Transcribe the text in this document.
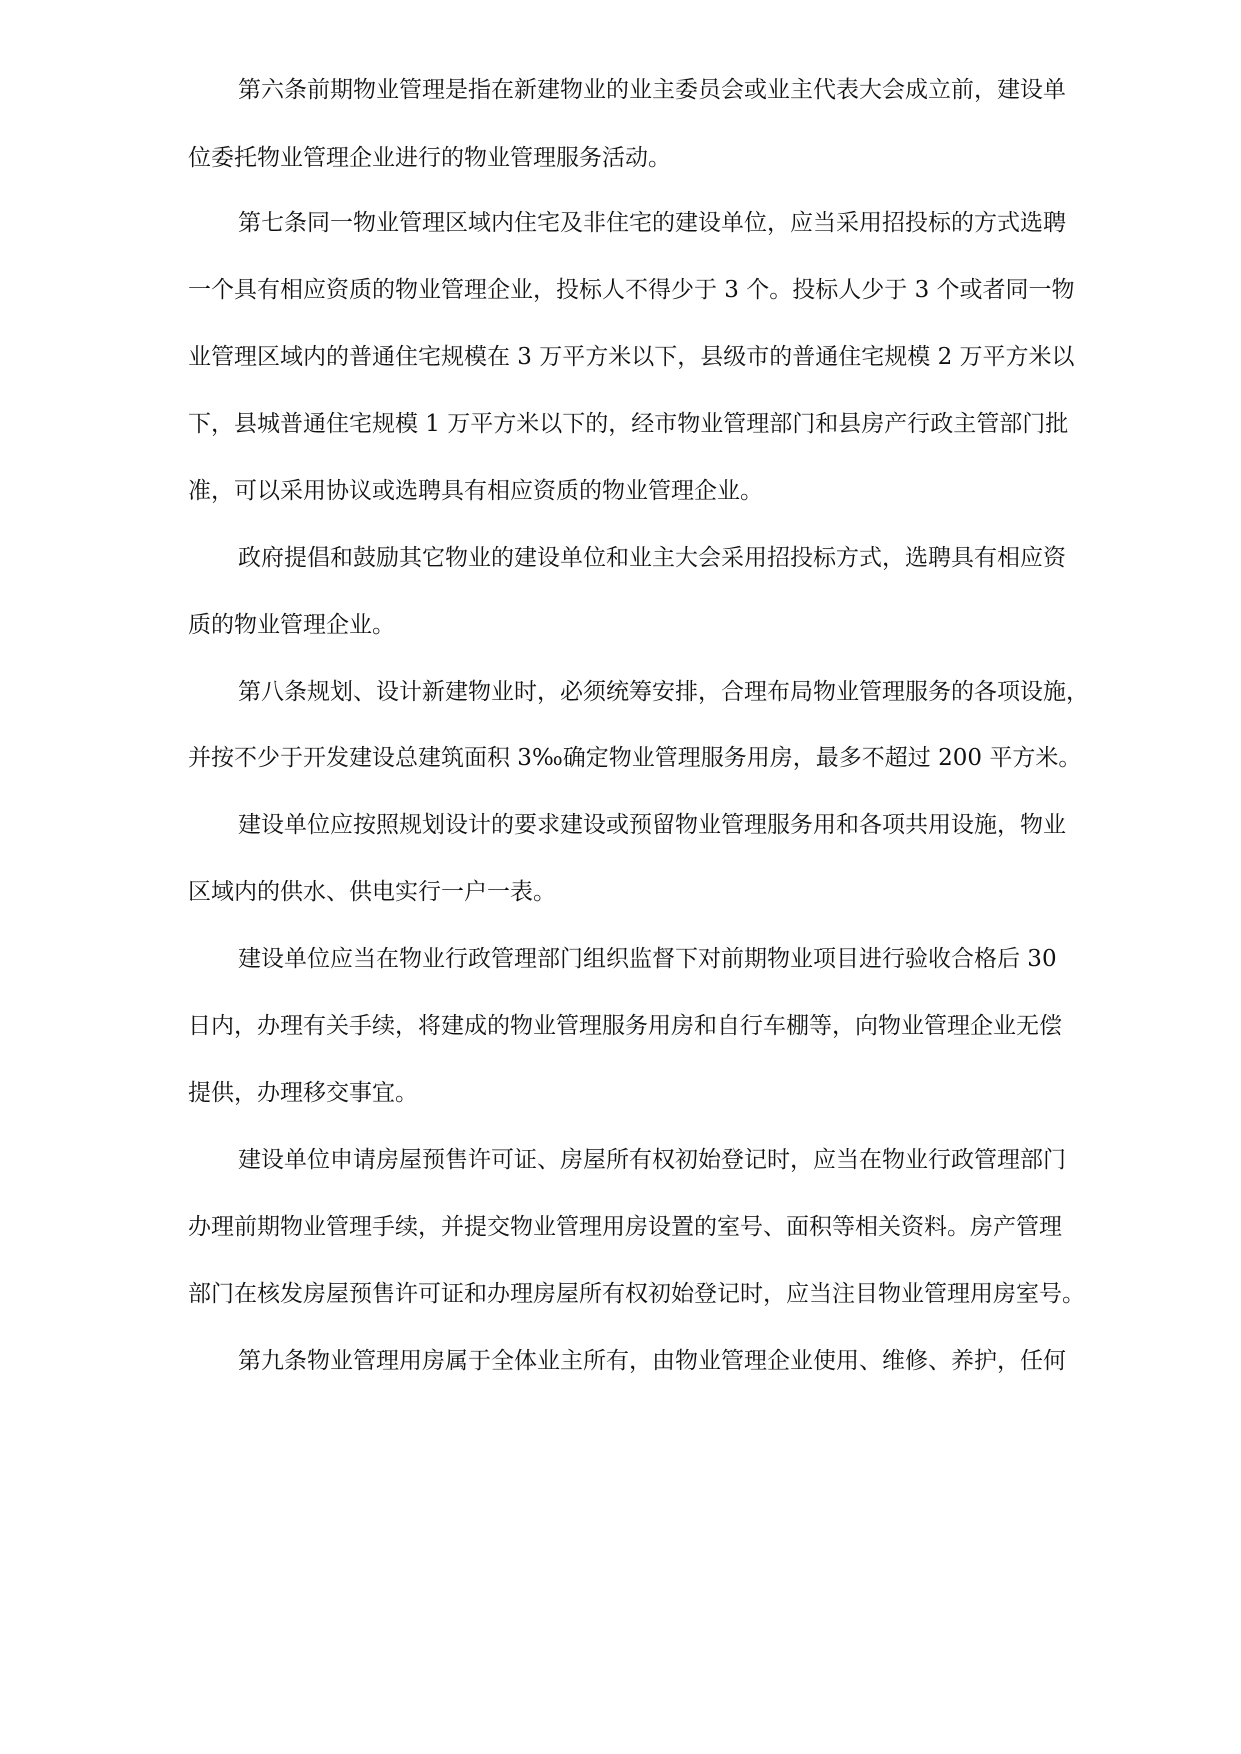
第六条前期物业管理是指在新建物业的业主委员会或业主代表大会成立前，建设单

位委托物业管理企业进行的物业管理服务活动。

第七条同一物业管理区域内住宅及非住宅的建设单位，应当采用招投标的方式选聘

一个具有相应资质的物业管理企业，投标人不得少于 3 个。投标人少于 3 个或者同一物

业管理区域内的普通住宅规模在 3 万平方米以下，县级市的普通住宅规模 2 万平方米以

下，县城普通住宅规模 1 万平方米以下的，经市物业管理部门和县房产行政主管部门批

准，可以采用协议或选聘具有相应资质的物业管理企业。

政府提倡和鼓励其它物业的建设单位和业主大会采用招投标方式，选聘具有相应资

质的物业管理企业。

第八条规划、设计新建物业时，必须统筹安排，合理布局物业管理服务的各项设施，

并按不少于开发建设总建筑面积 3‰确定物业管理服务用房，最多不超过 200 平方米。

建设单位应按照规划设计的要求建设或预留物业管理服务用和各项共用设施，物业

区域内的供水、供电实行一户一表。

建设单位应当在物业行政管理部门组织监督下对前期物业项目进行验收合格后 30

日内，办理有关手续，将建成的物业管理服务用房和自行车棚等，向物业管理企业无偿

提供，办理移交事宜。

建设单位申请房屋预售许可证、房屋所有权初始登记时，应当在物业行政管理部门

办理前期物业管理手续，并提交物业管理用房设置的室号、面积等相关资料。房产管理

部门在核发房屋预售许可证和办理房屋所有权初始登记时，应当注目物业管理用房室号。

第九条物业管理用房属于全体业主所有，由物业管理企业使用、维修、养护，任何
